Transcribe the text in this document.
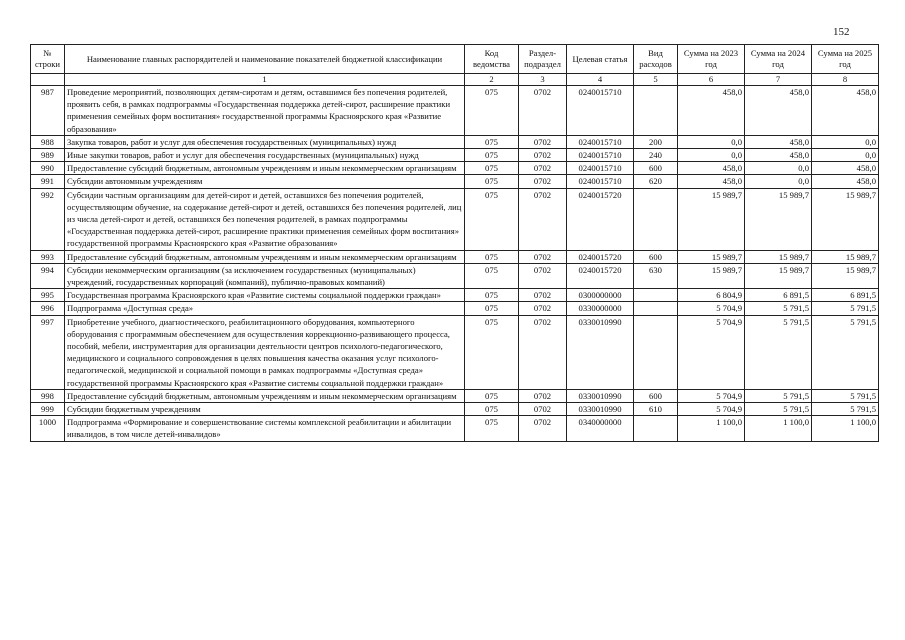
152
№ строки	Наименование главных распорядителей и наименование показателей бюджетной классификации	Код ведомства	Раздел-подраздел	Целевая статья	Вид расходов	Сумма на 2023 год	Сумма на 2024 год	Сумма на 2025 год
	1	2	3	4	5	6	7	8
987	Проведение мероприятий, позволяющих детям-сиротам и детям, оставшимся без попечения родителей, проявить себя, в рамках подпрограммы «Государственная поддержка детей-сирот, расширение практики применения семейных форм воспитания» государственной программы Красноярского края «Развитие образования»	075	0702	0240015710		458,0	458,0	458,0
988	Закупка товаров, работ и услуг для обеспечения государственных (муниципальных) нужд	075	0702	0240015710	200	0,0	458,0	0,0
989	Иные закупки товаров, работ и услуг для обеспечения государственных (муниципальных) нужд	075	0702	0240015710	240	0,0	458,0	0,0
990	Предоставление субсидий бюджетным, автономным учреждениям и иным некоммерческим организациям	075	0702	0240015710	600	458,0	0,0	458,0
991	Субсидии автономным учреждениям	075	0702	0240015710	620	458,0	0,0	458,0
992	Субсидии частным организациям для детей-сирот и детей, оставшихся без попечения родителей, осуществляющим обучение, на содержание детей-сирот и детей, оставшихся без попечения родителей, лиц из числа детей-сирот и детей, оставшихся без попечения родителей, в рамках подпрограммы «Государственная поддержка детей-сирот, расширение практики применения семейных форм воспитания» государственной программы Красноярского края «Развитие образования»	075	0702	0240015720		15 989,7	15 989,7	15 989,7
993	Предоставление субсидий бюджетным, автономным учреждениям и иным некоммерческим организациям	075	0702	0240015720	600	15 989,7	15 989,7	15 989,7
994	Субсидии некоммерческим организациям (за исключением государственных (муниципальных) учреждений, государственных корпораций (компаний), публично-правовых компаний)	075	0702	0240015720	630	15 989,7	15 989,7	15 989,7
995	Государственная программа Красноярского края «Развитие системы социальной поддержки граждан»	075	0702	0300000000		6 804,9	6 891,5	6 891,5
996	Подпрограмма «Доступная среда»	075	0702	0330000000		5 704,9	5 791,5	5 791,5
997	Приобретение учебного, диагностического, реабилитационного оборудования, компьютерного оборудования с программным обеспечением для осуществления коррекционно-развивающего процесса, пособий, мебели, инструментария для организации деятельности центров психолого-педагогического, медицинского и социального сопровождения в целях повышения качества оказания услуг психолого-педагогической, медицинской и социальной помощи в рамках подпрограммы «Доступная среда» государственной программы Красноярского края «Развитие системы социальной поддержки граждан»	075	0702	0330010990		5 704,9	5 791,5	5 791,5
998	Предоставление субсидий бюджетным, автономным учреждениям и иным некоммерческим организациям	075	0702	0330010990	600	5 704,9	5 791,5	5 791,5
999	Субсидии бюджетным учреждениям	075	0702	0330010990	610	5 704,9	5 791,5	5 791,5
1000	Подпрограмма «Формирование и совершенствование системы комплексной реабилитации и абилитации инвалидов, в том числе детей-инвалидов»	075	0702	0340000000		1 100,0	1 100,0	1 100,0
